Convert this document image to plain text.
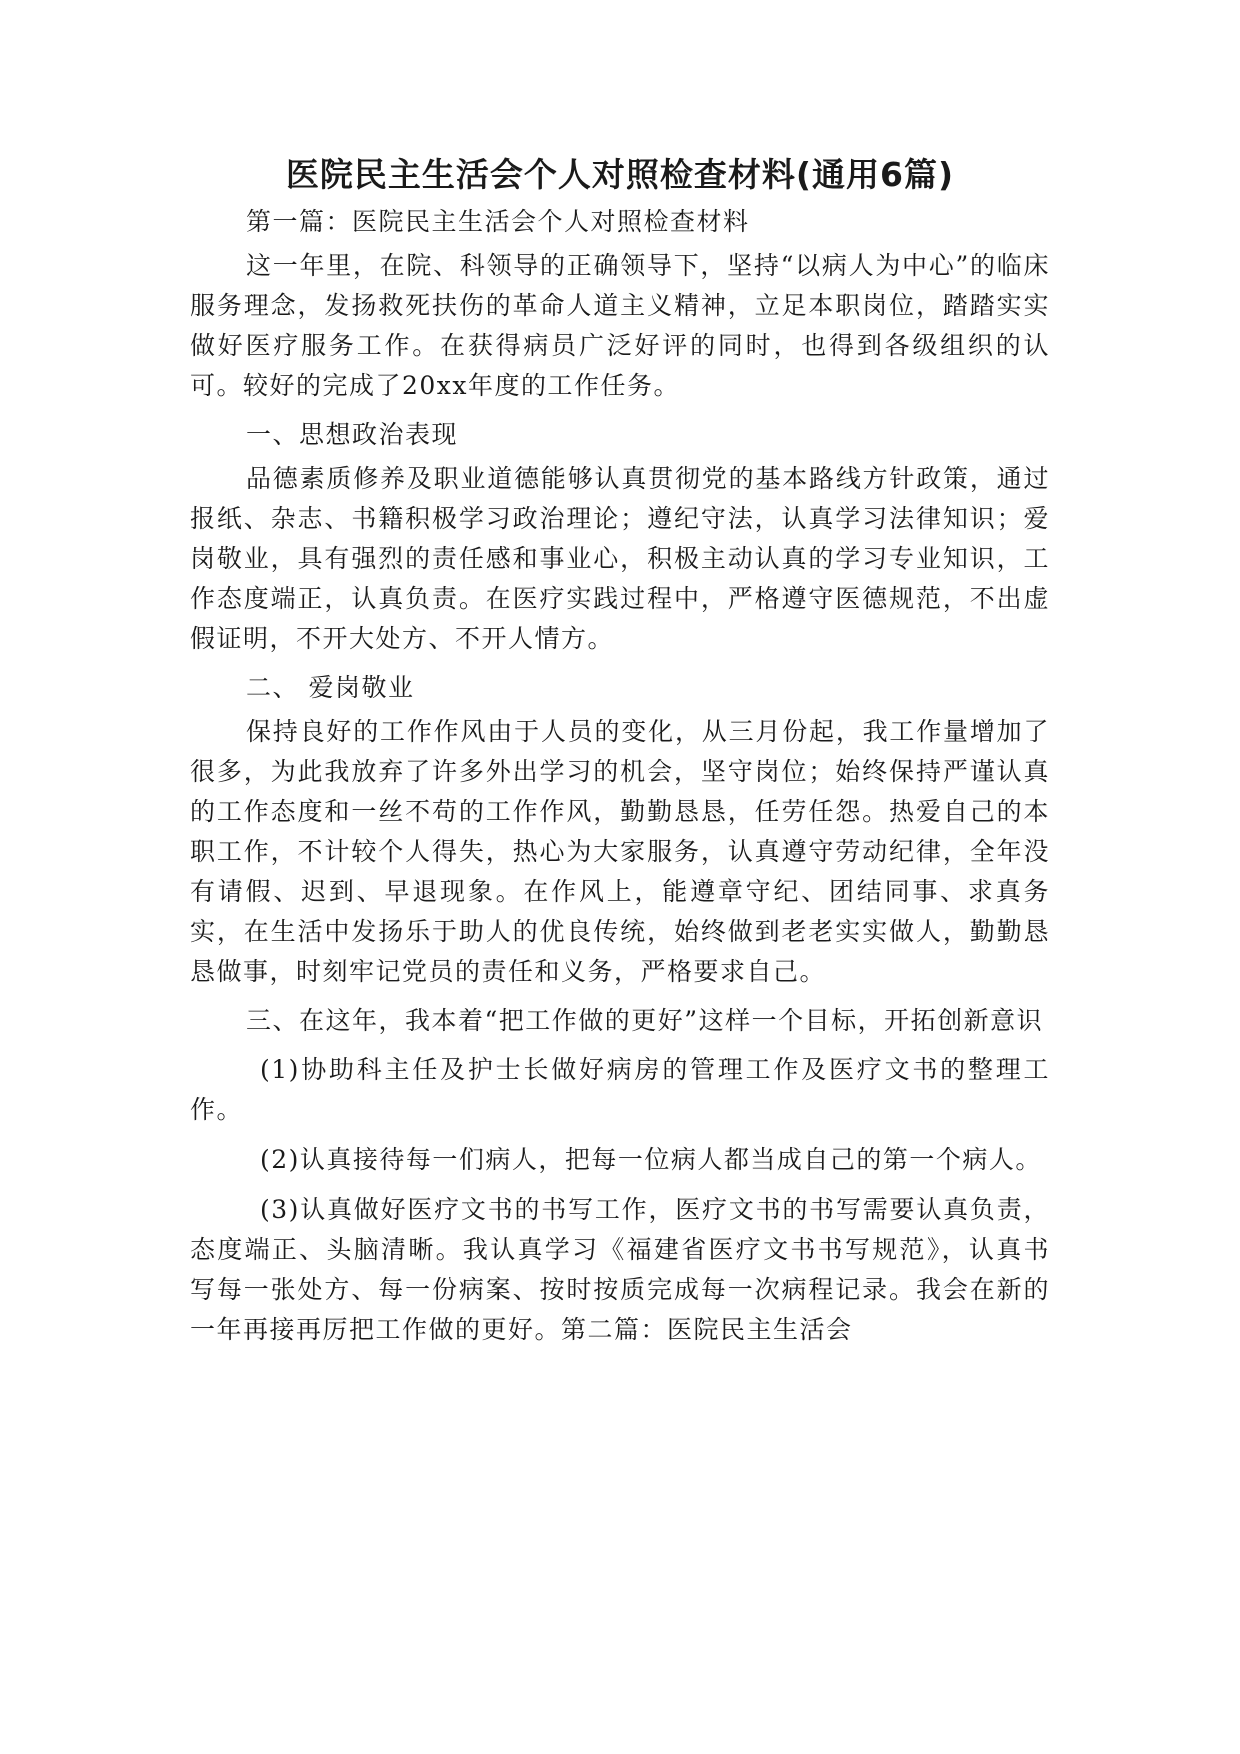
医院民主生活会个人对照检查材料(通用6篇)

第一篇：医院民主生活会个人对照检查材料

这一年里，在院、科领导的正确领导下，坚持“以病人为中心”的临床服务理念，发扬救死扶伤的革命人道主义精神，立足本职岗位，踏踏实实做好医疗服务工作。在获得病员广泛好评的同时，也得到各级组织的认可。较好的完成了20xx年度的工作任务。

一、思想政治表现

品德素质修养及职业道德能够认真贯彻党的基本路线方针政策，通过报纸、杂志、书籍积极学习政治理论；遵纪守法，认真学习法律知识；爱岗敬业，具有强烈的责任感和事业心，积极主动认真的学习专业知识，工作态度端正，认真负责。在医疗实践过程中，严格遵守医德规范，不出虚假证明，不开大处方、不开人情方。

二、 爱岗敬业

保持良好的工作作风由于人员的变化，从三月份起，我工作量增加了很多，为此我放弃了许多外出学习的机会，坚守岗位；始终保持严谨认真的工作态度和一丝不苟的工作作风，勤勤恳恳，任劳任怨。热爱自己的本职工作，不计较个人得失，热心为大家服务，认真遵守劳动纪律，全年没有请假、迟到、早退现象。在作风上，能遵章守纪、团结同事、求真务实，在生活中发扬乐于助人的优良传统，始终做到老老实实做人，勤勤恳恳做事，时刻牢记党员的责任和义务，严格要求自己。

三、在这年，我本着“把工作做的更好”这样一个目标，开拓创新意识

(1)协助科主任及护士长做好病房的管理工作及医疗文书的整理工作。

(2)认真接待每一们病人，把每一位病人都当成自己的第一个病人。

(3)认真做好医疗文书的书写工作，医疗文书的书写需要认真负责，态度端正、头脑清晰。我认真学习《福建省医疗文书书写规范》，认真书写每一张处方、每一份病案、按时按质完成每一次病程记录。我会在新的一年再接再厉把工作做的更好。第二篇：医院民主生活会
